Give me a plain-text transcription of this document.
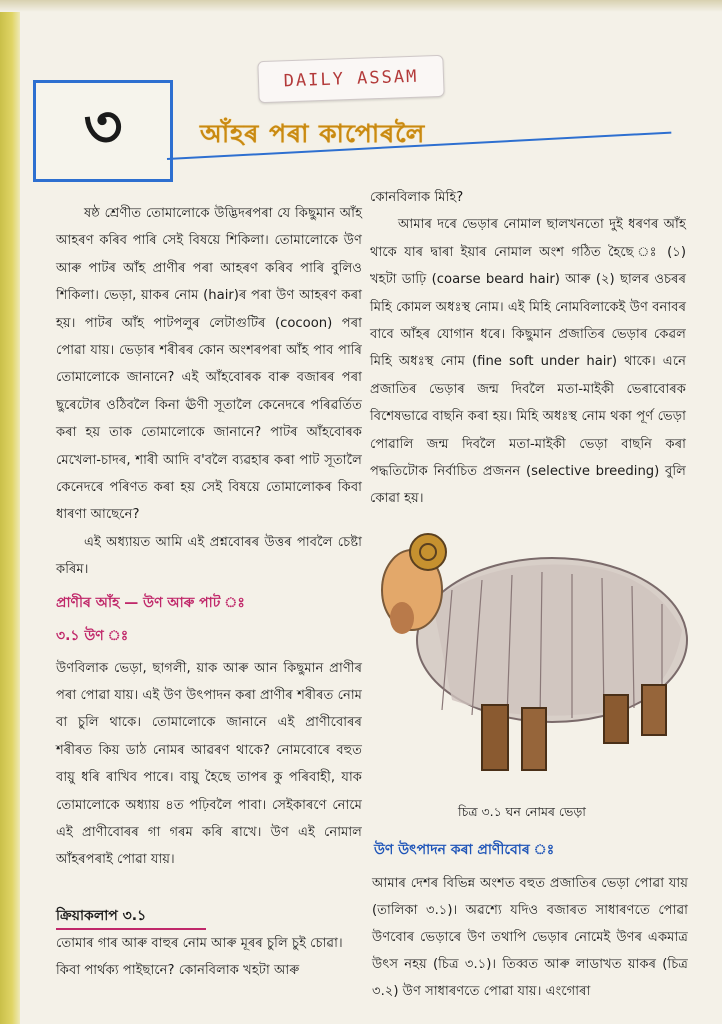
DAILY ASSAM
৩	আঁহৰ পৰা কাপোৰলৈ

ষষ্ঠ শ্ৰেণীত তোমালোকে উদ্ভিদৰপৰা যে কিছুমান আঁহ আহৰণ কৰিব পাৰি সেই বিষয়ে শিকিলা। তোমালোকে উণ আৰু পাটৰ আঁহ প্ৰাণীৰ পৰা আহৰণ কৰিব পাৰি বুলিও শিকিলা। ভেড়া, য়াকৰ নোম (hair)ৰ পৰা উণ আহৰণ কৰা হয়। পাটৰ আঁহ পাটপলুৰ লেটাগুটিৰ (cocoon) পৰা পোৱা যায়। ভেড়াৰ শৰীৰৰ কোন অংশৰপৰা আঁহ পাব পাৰি তোমালোকে জানানে? এই আঁহবোৰক বাৰু বজাৰৰ পৰা ছুৰেটোৰ ওঠিবলৈ কিনা ঊণী সূতালৈ কেনেদৰে পৰিৱৰ্তিত কৰা হয় তাক তোমালোকে জানানে? পাটৰ আঁহবোৰক মেখেলা-চাদৰ, শাৰী আদি ব'বলৈ ব্যৱহাৰ কৰা পাট সূতালৈ কেনেদৰে পৰিণত কৰা হয় সেই বিষয়ে তোমালোকৰ কিবা ধাৰণা আছেনে?

এই অধ্যায়ত আমি এই প্ৰশ্নবোৰৰ উত্তৰ পাবলৈ চেষ্টা কৰিম।

প্ৰাণীৰ আঁহ — উণ আৰু পাট ঃ

৩.১ উণ ঃ

উণবিলাক ভেড়া, ছাগলী, য়াক আৰু আন কিছুমান প্ৰাণীৰ পৰা পোৱা যায়। এই উণ উৎপাদন কৰা প্ৰাণীৰ শৰীৰত নোম বা চুলি থাকে। তোমালোকে জানানে এই প্ৰাণীবোৰৰ শৰীৰত কিয় ডাঠ নোমৰ আৱৰণ থাকে? নোমবোৰে বহুত বায়ু ধৰি ৰাখিব পাৰে। বায়ু হৈছে তাপৰ কু পৰিবাহী, যাক তোমালোকে অধ্যায় ৪ত পঢ়িবলৈ পাবা। সেইকাৰণে নোমে এই প্ৰাণীবোৰৰ গা গৰম কৰি ৰাখে। উণ এই নোমাল আঁহৰপৰাই পোৱা যায়।

ক্ৰিয়াকলাপ ৩.১
তোমাৰ গাৰ আৰু বাহুৰ নোম আৰু মূৰৰ চুলি চুই চোৱা। কিবা পাৰ্থক্য পাইছানে? কোনবিলাক খহটা আৰু

কোনবিলাক মিহি?

আমাৰ দৰে ভেড়াৰ নোমাল ছালখনতো দুই ধৰণৰ আঁহ থাকে যাৰ দ্বাৰা ইয়াৰ নোমাল অংশ গঠিত হৈছে ঃ (১) খহটা ডাঢ়ি (coarse beard hair) আৰু (২) ছালৰ ওচৰৰ মিহি কোমল অধঃস্থ নোম। এই মিহি নোমবিলাকেই উণ বনাবৰ বাবে আঁহৰ যোগান ধৰে। কিছুমান প্ৰজাতিৰ ভেড়াৰ কেৱল মিহি অধঃস্থ নোম (fine soft under hair) থাকে। এনে প্ৰজাতিৰ ভেড়াৰ জন্ম দিবলৈ মতা-মাইকী ভেৰাবোৰক বিশেষভাৱে বাছনি কৰা হয়। মিহি অধঃস্থ নোম থকা পূৰ্ণ ভেড়া পোৱালি জন্ম দিবলৈ মতা-মাইকী ভেড়া বাছনি কৰা পদ্ধতিটোক নিৰ্বাচিত প্ৰজনন (selective breeding) বুলি কোৱা হয়।

চিত্ৰ ৩.১ ঘন নোমৰ ভেড়া
উণ উৎপাদন কৰা প্ৰাণীবোৰ ঃ

আমাৰ দেশৰ বিভিন্ন অংশত বহুত প্ৰজাতিৰ ভেড়া পোৱা যায় (তালিকা ৩.১)। অৱশ্যে যদিও বজাৰত সাধাৰণতে পোৱা উণবোৰ ভেড়াৰে উণ তথাপি ভেড়াৰ নোমেই উণৰ একমাত্ৰ উৎস নহয় (চিত্ৰ ৩.১)। তিব্বত আৰু লাডাখত য়াকৰ (চিত্ৰ ৩.২) উণ সাধাৰণতে পোৱা যায়। এংগোৰা
